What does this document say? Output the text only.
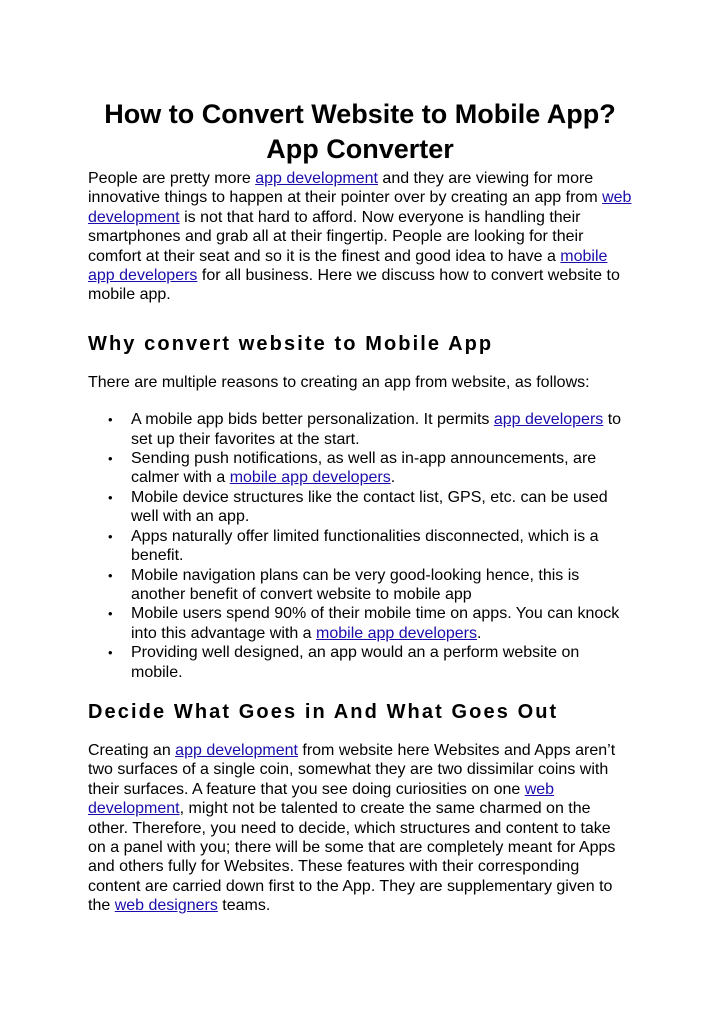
How to Convert Website to Mobile App? App Converter

People are pretty more app development and they are viewing for more innovative things to happen at their pointer over by creating an app from web development is not that hard to afford. Now everyone is handling their smartphones and grab all at their fingertip. People are looking for their comfort at their seat and so it is the finest and good idea to have a mobile app developers for all business. Here we discuss how to convert website to mobile app.

Why convert website to Mobile App

There are multiple reasons to creating an app from website, as follows:

• A mobile app bids better personalization. It permits app developers to set up their favorites at the start.
• Sending push notifications, as well as in-app announcements, are calmer with a mobile app developers.
• Mobile device structures like the contact list, GPS, etc. can be used well with an app.
• Apps naturally offer limited functionalities disconnected, which is a benefit.
• Mobile navigation plans can be very good-looking hence, this is another benefit of convert website to mobile app
• Mobile users spend 90% of their mobile time on apps. You can knock into this advantage with a mobile app developers.
• Providing well designed, an app would an a perform website on mobile.
Decide What Goes in And What Goes Out

Creating an app development from website here Websites and Apps aren’t two surfaces of a single coin, somewhat they are two dissimilar coins with their surfaces. A feature that you see doing curiosities on one web development, might not be talented to create the same charmed on the other. Therefore, you need to decide, which structures and content to take on a panel with you; there will be some that are completely meant for Apps and others fully for Websites. These features with their corresponding content are carried down first to the App. They are supplementary given to the web designers teams.
